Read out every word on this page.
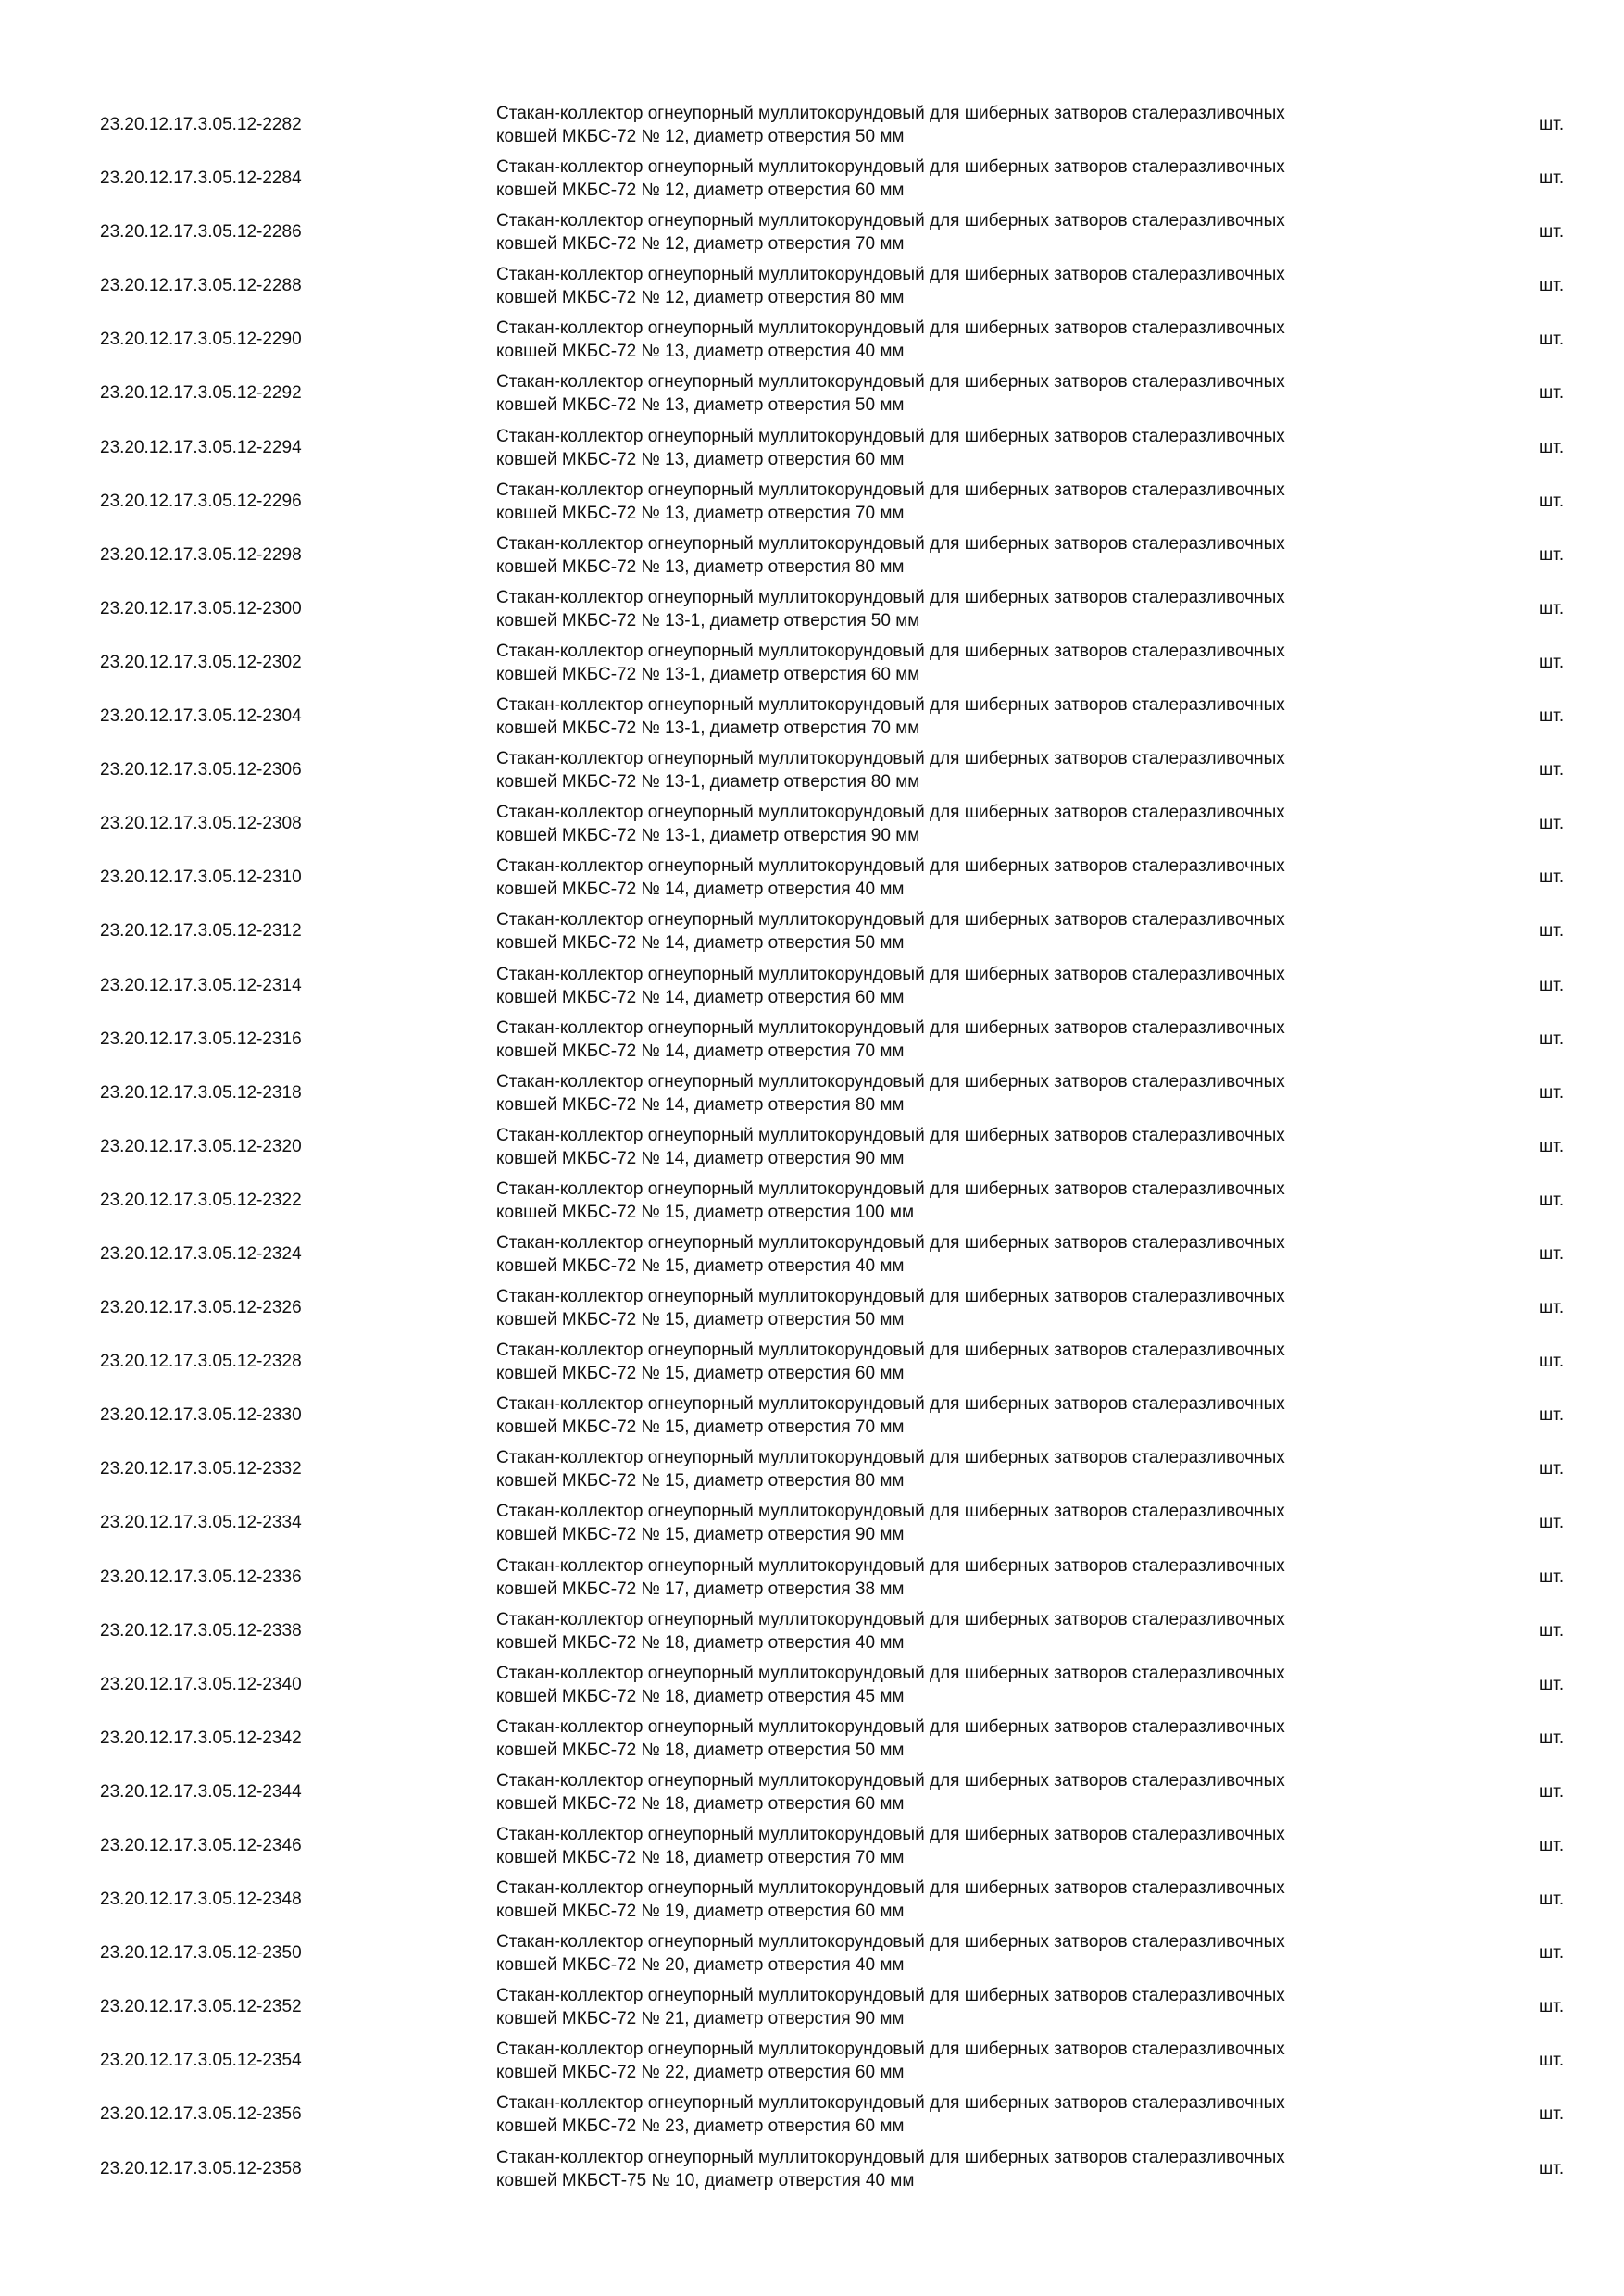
23.20.12.17.3.05.12-2282
Стакан-коллектор огнеупорный муллитокорундовый для шиберных затворов сталеразливочных
ковшей МКБС-72 № 12, диаметр отверстия 50 мм
шт.
23.20.12.17.3.05.12-2284
Стакан-коллектор огнеупорный муллитокорундовый для шиберных затворов сталеразливочных
ковшей МКБС-72 № 12, диаметр отверстия 60 мм
шт.
23.20.12.17.3.05.12-2286
Стакан-коллектор огнеупорный муллитокорундовый для шиберных затворов сталеразливочных
ковшей МКБС-72 № 12, диаметр отверстия 70 мм
шт.
23.20.12.17.3.05.12-2288
Стакан-коллектор огнеупорный муллитокорундовый для шиберных затворов сталеразливочных
ковшей МКБС-72 № 12, диаметр отверстия 80 мм
шт.
23.20.12.17.3.05.12-2290
Стакан-коллектор огнеупорный муллитокорундовый для шиберных затворов сталеразливочных
ковшей МКБС-72 № 13, диаметр отверстия 40 мм
шт.
23.20.12.17.3.05.12-2292
Стакан-коллектор огнеупорный муллитокорундовый для шиберных затворов сталеразливочных
ковшей МКБС-72 № 13, диаметр отверстия 50 мм
шт.
23.20.12.17.3.05.12-2294
Стакан-коллектор огнеупорный муллитокорундовый для шиберных затворов сталеразливочных
ковшей МКБС-72 № 13, диаметр отверстия 60 мм
шт.
23.20.12.17.3.05.12-2296
Стакан-коллектор огнеупорный муллитокорундовый для шиберных затворов сталеразливочных
ковшей МКБС-72 № 13, диаметр отверстия 70 мм
шт.
23.20.12.17.3.05.12-2298
Стакан-коллектор огнеупорный муллитокорундовый для шиберных затворов сталеразливочных
ковшей МКБС-72 № 13, диаметр отверстия 80 мм
шт.
23.20.12.17.3.05.12-2300
Стакан-коллектор огнеупорный муллитокорундовый для шиберных затворов сталеразливочных
ковшей МКБС-72 № 13-1, диаметр отверстия 50 мм
шт.
23.20.12.17.3.05.12-2302
Стакан-коллектор огнеупорный муллитокорундовый для шиберных затворов сталеразливочных
ковшей МКБС-72 № 13-1, диаметр отверстия 60 мм
шт.
23.20.12.17.3.05.12-2304
Стакан-коллектор огнеупорный муллитокорундовый для шиберных затворов сталеразливочных
ковшей МКБС-72 № 13-1, диаметр отверстия 70 мм
шт.
23.20.12.17.3.05.12-2306
Стакан-коллектор огнеупорный муллитокорундовый для шиберных затворов сталеразливочных
ковшей МКБС-72 № 13-1, диаметр отверстия 80 мм
шт.
23.20.12.17.3.05.12-2308
Стакан-коллектор огнеупорный муллитокорундовый для шиберных затворов сталеразливочных
ковшей МКБС-72 № 13-1, диаметр отверстия 90 мм
шт.
23.20.12.17.3.05.12-2310
Стакан-коллектор огнеупорный муллитокорундовый для шиберных затворов сталеразливочных
ковшей МКБС-72 № 14, диаметр отверстия 40 мм
шт.
23.20.12.17.3.05.12-2312
Стакан-коллектор огнеупорный муллитокорундовый для шиберных затворов сталеразливочных
ковшей МКБС-72 № 14, диаметр отверстия 50 мм
шт.
23.20.12.17.3.05.12-2314
Стакан-коллектор огнеупорный муллитокорундовый для шиберных затворов сталеразливочных
ковшей МКБС-72 № 14, диаметр отверстия 60 мм
шт.
23.20.12.17.3.05.12-2316
Стакан-коллектор огнеупорный муллитокорундовый для шиберных затворов сталеразливочных
ковшей МКБС-72 № 14, диаметр отверстия 70 мм
шт.
23.20.12.17.3.05.12-2318
Стакан-коллектор огнеупорный муллитокорундовый для шиберных затворов сталеразливочных
ковшей МКБС-72 № 14, диаметр отверстия 80 мм
шт.
23.20.12.17.3.05.12-2320
Стакан-коллектор огнеупорный муллитокорундовый для шиберных затворов сталеразливочных
ковшей МКБС-72 № 14, диаметр отверстия 90 мм
шт.
23.20.12.17.3.05.12-2322
Стакан-коллектор огнеупорный муллитокорундовый для шиберных затворов сталеразливочных
ковшей МКБС-72 № 15, диаметр отверстия 100 мм
шт.
23.20.12.17.3.05.12-2324
Стакан-коллектор огнеупорный муллитокорундовый для шиберных затворов сталеразливочных
ковшей МКБС-72 № 15, диаметр отверстия 40 мм
шт.
23.20.12.17.3.05.12-2326
Стакан-коллектор огнеупорный муллитокорундовый для шиберных затворов сталеразливочных
ковшей МКБС-72 № 15, диаметр отверстия 50 мм
шт.
23.20.12.17.3.05.12-2328
Стакан-коллектор огнеупорный муллитокорундовый для шиберных затворов сталеразливочных
ковшей МКБС-72 № 15, диаметр отверстия 60 мм
шт.
23.20.12.17.3.05.12-2330
Стакан-коллектор огнеупорный муллитокорундовый для шиберных затворов сталеразливочных
ковшей МКБС-72 № 15, диаметр отверстия 70 мм
шт.
23.20.12.17.3.05.12-2332
Стакан-коллектор огнеупорный муллитокорундовый для шиберных затворов сталеразливочных
ковшей МКБС-72 № 15, диаметр отверстия 80 мм
шт.
23.20.12.17.3.05.12-2334
Стакан-коллектор огнеупорный муллитокорундовый для шиберных затворов сталеразливочных
ковшей МКБС-72 № 15, диаметр отверстия 90 мм
шт.
23.20.12.17.3.05.12-2336
Стакан-коллектор огнеупорный муллитокорундовый для шиберных затворов сталеразливочных
ковшей МКБС-72 № 17, диаметр отверстия 38 мм
шт.
23.20.12.17.3.05.12-2338
Стакан-коллектор огнеупорный муллитокорундовый для шиберных затворов сталеразливочных
ковшей МКБС-72 № 18, диаметр отверстия 40 мм
шт.
23.20.12.17.3.05.12-2340
Стакан-коллектор огнеупорный муллитокорундовый для шиберных затворов сталеразливочных
ковшей МКБС-72 № 18, диаметр отверстия 45 мм
шт.
23.20.12.17.3.05.12-2342
Стакан-коллектор огнеупорный муллитокорундовый для шиберных затворов сталеразливочных
ковшей МКБС-72 № 18, диаметр отверстия 50 мм
шт.
23.20.12.17.3.05.12-2344
Стакан-коллектор огнеупорный муллитокорундовый для шиберных затворов сталеразливочных
ковшей МКБС-72 № 18, диаметр отверстия 60 мм
шт.
23.20.12.17.3.05.12-2346
Стакан-коллектор огнеупорный муллитокорундовый для шиберных затворов сталеразливочных
ковшей МКБС-72 № 18, диаметр отверстия 70 мм
шт.
23.20.12.17.3.05.12-2348
Стакан-коллектор огнеупорный муллитокорундовый для шиберных затворов сталеразливочных
ковшей МКБС-72 № 19, диаметр отверстия 60 мм
шт.
23.20.12.17.3.05.12-2350
Стакан-коллектор огнеупорный муллитокорундовый для шиберных затворов сталеразливочных
ковшей МКБС-72 № 20, диаметр отверстия 40 мм
шт.
23.20.12.17.3.05.12-2352
Стакан-коллектор огнеупорный муллитокорундовый для шиберных затворов сталеразливочных
ковшей МКБС-72 № 21, диаметр отверстия 90 мм
шт.
23.20.12.17.3.05.12-2354
Стакан-коллектор огнеупорный муллитокорундовый для шиберных затворов сталеразливочных
ковшей МКБС-72 № 22, диаметр отверстия 60 мм
шт.
23.20.12.17.3.05.12-2356
Стакан-коллектор огнеупорный муллитокорундовый для шиберных затворов сталеразливочных
ковшей МКБС-72 № 23, диаметр отверстия 60 мм
шт.
23.20.12.17.3.05.12-2358
Стакан-коллектор огнеупорный муллитокорундовый для шиберных затворов сталеразливочных
ковшей МКБСТ-75 № 10, диаметр отверстия 40 мм
шт.
